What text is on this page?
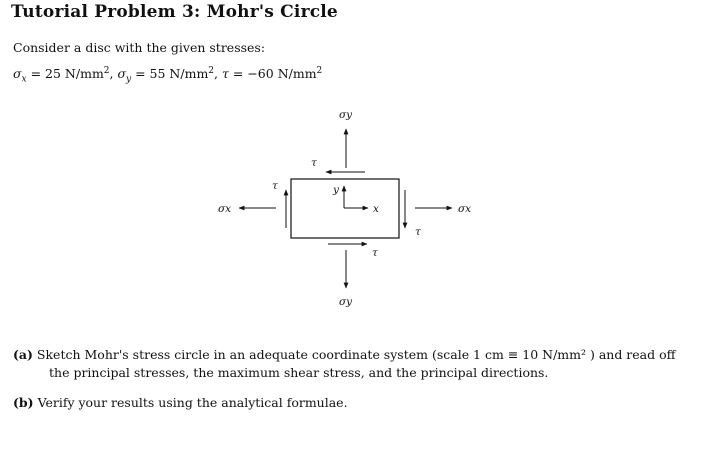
Tutorial Problem 3: Mohr's Circle
Consider a disc with the given stresses:
$\sigma_x = 25$ $N/mm^2$, $\sigma_y = 55$ $N/mm^2$, τ = −60 $N/mm^2$
σy
σy
σx	σx
τ
τ
τ
τ
y
x
(a) Sketch Mohr's stress circle in an adequate coordinate system (scale 1 cm ≡ 10 N/mm² ) and read off
the principal stresses, the maximum shear stress, and the principal directions.
(b) Verify your results using the analytical formulae.
